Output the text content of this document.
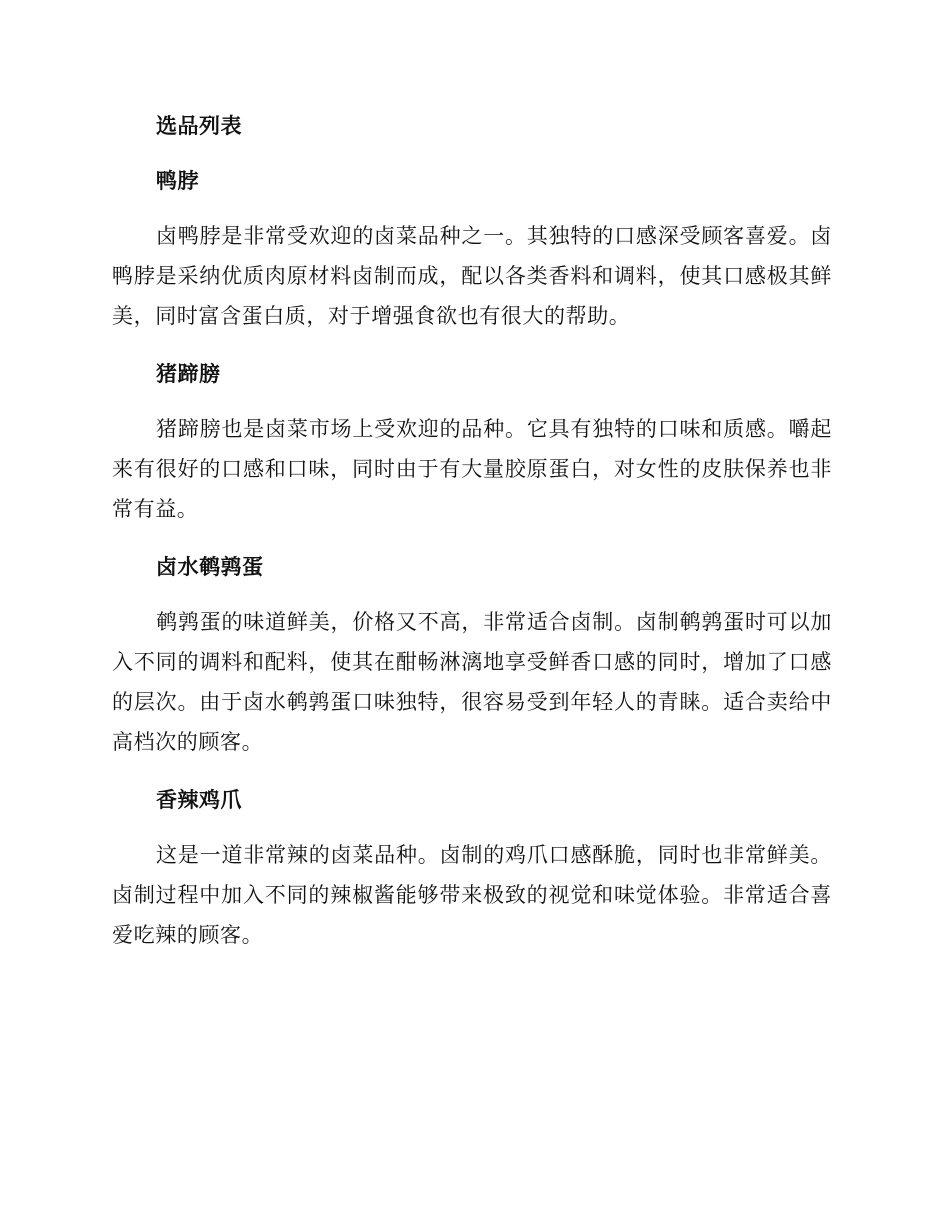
选品列表
鸭脖

卤鸭脖是非常受欢迎的卤菜品种之一。其独特的口感深受顾客喜爱。卤鸭脖是采纳优质肉原材料卤制而成，配以各类香料和调料，使其口感极其鲜美，同时富含蛋白质，对于增强食欲也有很大的帮助。

猪蹄膀

猪蹄膀也是卤菜市场上受欢迎的品种。它具有独特的口味和质感。嚼起来有很好的口感和口味，同时由于有大量胶原蛋白，对女性的皮肤保养也非常有益。

卤水鹌鹑蛋

鹌鹑蛋的味道鲜美，价格又不高，非常适合卤制。卤制鹌鹑蛋时可以加入不同的调料和配料，使其在酣畅淋漓地享受鲜香口感的同时，增加了口感的层次。由于卤水鹌鹑蛋口味独特，很容易受到年轻人的青睐。适合卖给中高档次的顾客。

香辣鸡爪

这是一道非常辣的卤菜品种。卤制的鸡爪口感酥脆，同时也非常鲜美。卤制过程中加入不同的辣椒酱能够带来极致的视觉和味觉体验。非常适合喜爱吃辣的顾客。
